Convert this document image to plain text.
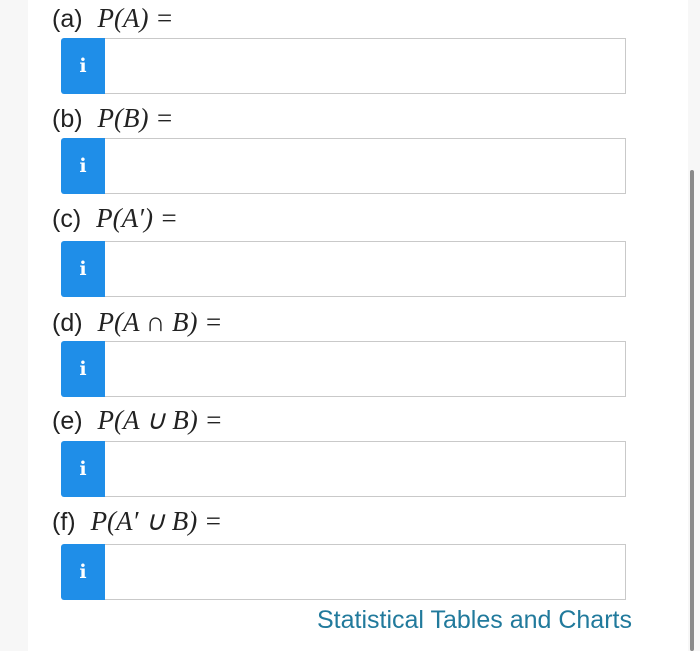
(a) P(A) =
i
(b) P(B) =
i
(c) P(A′) =
i
(d) P(A ∩ B) =
i
(e) P(A ∪ B) =
i
(f) P(A′ ∪ B) =
i
Statistical Tables and Charts
